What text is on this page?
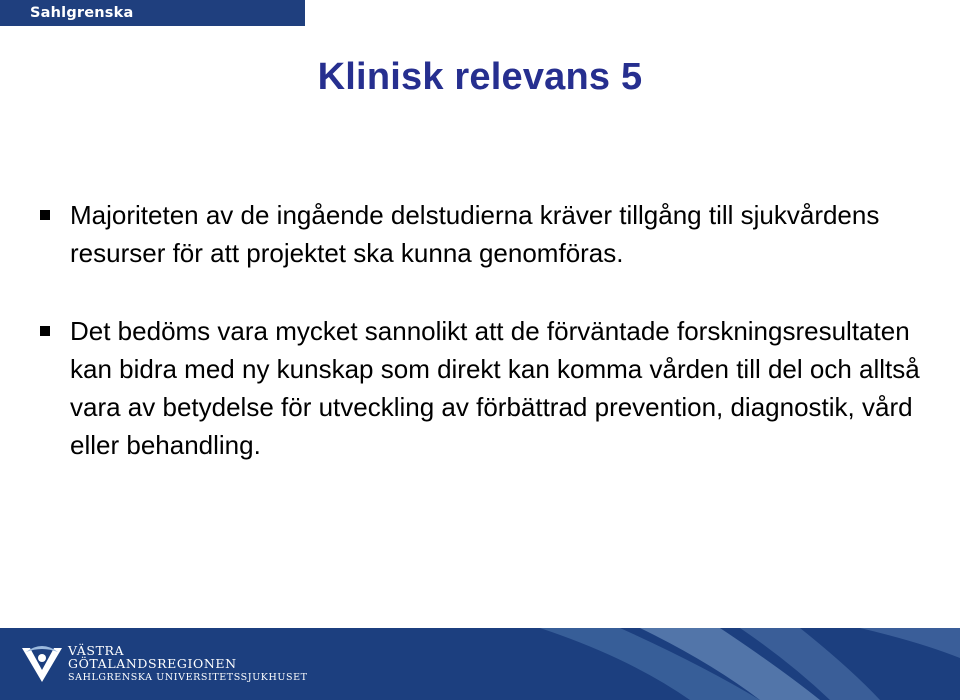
Sahlgrenska Universitetssjukhuset
Klinisk relevans 5
Majoriteten av de ingående delstudierna kräver tillgång till sjukvårdens resurser för att projektet ska kunna genomföras.
Det bedöms vara mycket sannolikt att de förväntade forskningsresultaten kan bidra med ny kunskap som direkt kan komma vården till del och alltså vara av betydelse för utveckling av förbättrad prevention, diagnostik, vård eller behandling.
VÄSTRA
GÖTALANDSREGIONEN
SAHLGRENSKA UNIVERSITETSSJUKHUSET
